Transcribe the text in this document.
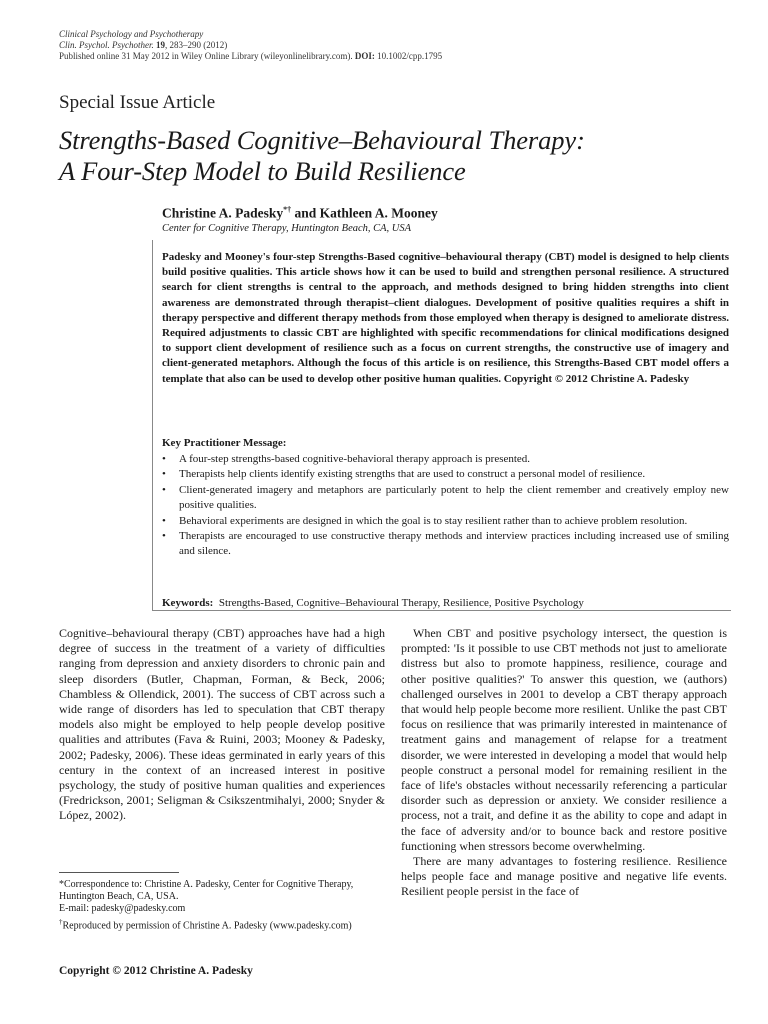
Clinical Psychology and Psychotherapy
Clin. Psychol. Psychother. 19, 283–290 (2012)
Published online 31 May 2012 in Wiley Online Library (wileyonlinelibrary.com). DOI: 10.1002/cpp.1795
Special Issue Article
Strengths-Based Cognitive–Behavioural Therapy:
A Four-Step Model to Build Resilience
Christine A. Padesky*† and Kathleen A. Mooney
Center for Cognitive Therapy, Huntington Beach, CA, USA
Padesky and Mooney's four-step Strengths-Based cognitive–behavioural therapy (CBT) model is designed to help clients build positive qualities. This article shows how it can be used to build and strengthen personal resilience. A structured search for client strengths is central to the approach, and methods designed to bring hidden strengths into client awareness are demonstrated through therapist–client dialogues. Development of positive qualities requires a shift in therapy perspective and different therapy methods from those employed when therapy is designed to ameliorate distress. Required adjustments to classic CBT are highlighted with specific recommendations for clinical modifications designed to support client development of resilience such as a focus on current strengths, the constructive use of imagery and client-generated metaphors. Although the focus of this article is on resilience, this Strengths-Based CBT model offers a template that also can be used to develop other positive human qualities. Copyright © 2012 Christine A. Padesky
Key Practitioner Message:
• A four-step strengths-based cognitive-behavioral therapy approach is presented.
• Therapists help clients identify existing strengths that are used to construct a personal model of resilience.
• Client-generated imagery and metaphors are particularly potent to help the client remember and creatively employ new positive qualities.
• Behavioral experiments are designed in which the goal is to stay resilient rather than to achieve problem resolution.
• Therapists are encouraged to use constructive therapy methods and interview practices including increased use of smiling and silence.
Keywords: Strengths-Based, Cognitive–Behavioural Therapy, Resilience, Positive Psychology

Cognitive–behavioural therapy (CBT) approaches have had a high degree of success in the treatment of a variety of difficulties ranging from depression and anxiety disorders to chronic pain and sleep disorders (Butler, Chapman, Forman, & Beck, 2006; Chambless & Ollendick, 2001). The success of CBT across such a wide range of disorders has led to speculation that CBT therapy models also might be employed to help people develop positive qualities and attributes (Fava & Ruini, 2003; Mooney & Padesky, 2002; Padesky, 2006). These ideas germinated in early years of this century in the context of an increased interest in positive psychology, the study of positive human qualities and experiences (Fredrickson, 2001; Seligman & Csikszentmihalyi, 2000; Snyder & López, 2002).

When CBT and positive psychology intersect, the question is prompted: 'Is it possible to use CBT methods not just to ameliorate distress but also to promote happiness, resilience, courage and other positive qualities?' To answer this question, we (authors) challenged ourselves in 2001 to develop a CBT therapy approach that would help people become more resilient. Unlike the past CBT focus on resilience that was primarily interested in maintenance of treatment gains and management of relapse for a treatment disorder, we were interested in developing a model that would help people construct a personal model for remaining resilient in the face of life's obstacles without necessarily referencing a particular disorder such as depression or anxiety. We consider resilience a process, not a trait, and define it as the ability to cope and adapt in the face of adversity and/or to bounce back and restore positive functioning when stressors become overwhelming.

There are many advantages to fostering resilience. Resilience helps people face and manage positive and negative life events. Resilient people persist in the face of

*Correspondence to: Christine A. Padesky, Center for Cognitive Therapy, Huntington Beach, CA, USA.

E-mail: padesky@padesky.com

†Reproduced by permission of Christine A. Padesky (www.padesky.com)

Copyright © 2012 Christine A. Padesky
